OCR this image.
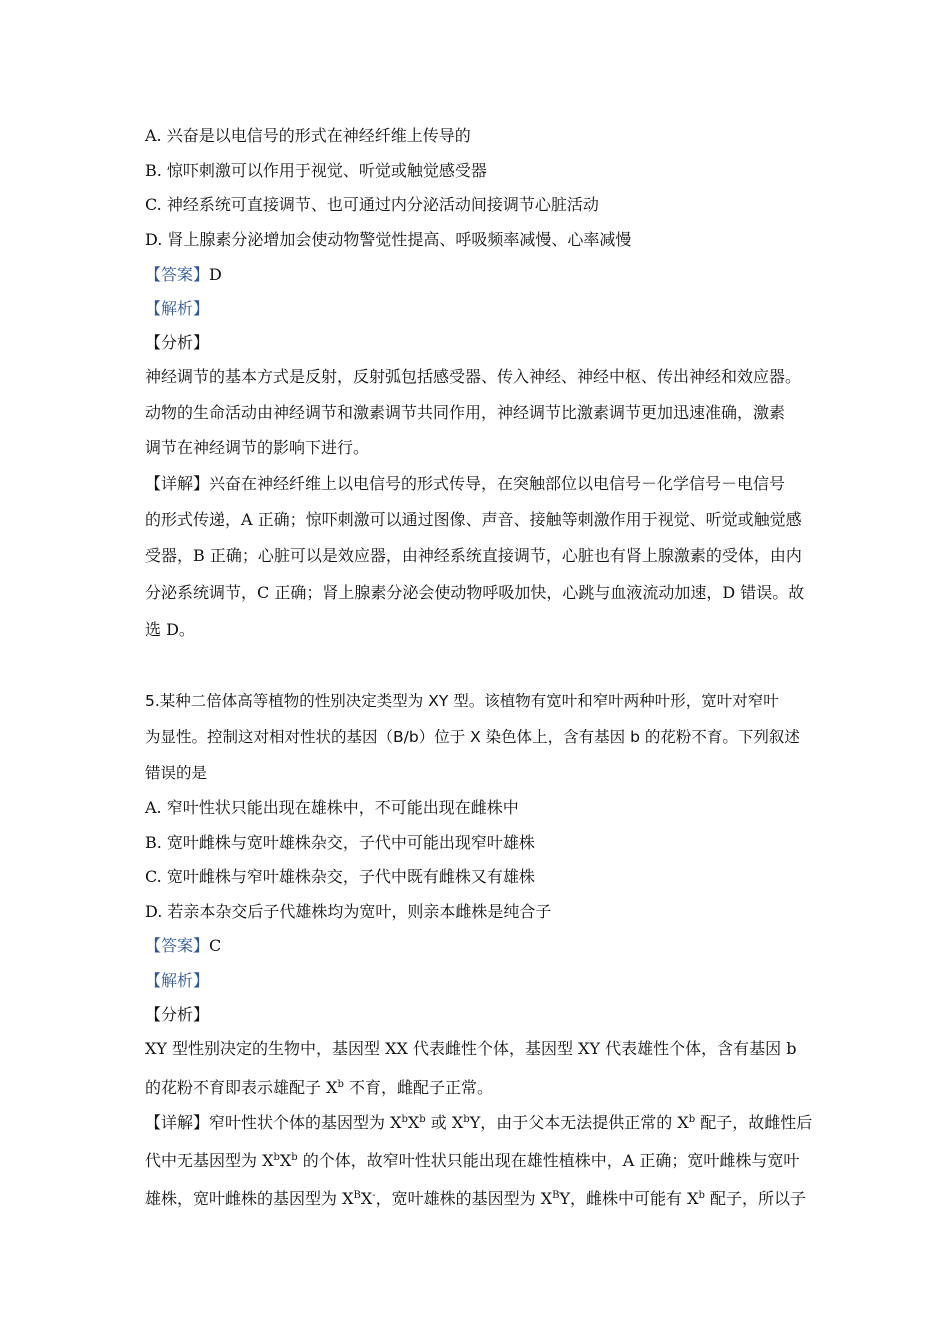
A. 兴奋是以电信号的形式在神经纤维上传导的
B. 惊吓刺激可以作用于视觉、听觉或触觉感受器
C. 神经系统可直接调节、也可通过内分泌活动间接调节心脏活动
D. 肾上腺素分泌增加会使动物警觉性提高、呼吸频率减慢、心率减慢
【答案】D
【解析】
【分析】
神经调节的基本方式是反射，反射弧包括感受器、传入神经、神经中枢、传出神经和效应器。
动物的生命活动由神经调节和激素调节共同作用，神经调节比激素调节更加迅速准确，激素
调节在神经调节的影响下进行。
【详解】兴奋在神经纤维上以电信号的形式传导，在突触部位以电信号－化学信号－电信号
的形式传递，A 正确；惊吓刺激可以通过图像、声音、接触等刺激作用于视觉、听觉或触觉感
受器，B 正确；心脏可以是效应器，由神经系统直接调节，心脏也有肾上腺激素的受体，由内
分泌系统调节，C 正确；肾上腺素分泌会使动物呼吸加快，心跳与血液流动加速，D 错误。故
选 D。
5.某种二倍体高等植物的性别决定类型为 XY 型。该植物有宽叶和窄叶两种叶形，宽叶对窄叶
为显性。控制这对相对性状的基因（B/b）位于 X 染色体上，含有基因 b 的花粉不育。下列叙述
错误的是
A. 窄叶性状只能出现在雄株中，不可能出现在雌株中
B. 宽叶雌株与宽叶雄株杂交，子代中可能出现窄叶雄株
C. 宽叶雌株与窄叶雄株杂交，子代中既有雌株又有雄株
D. 若亲本杂交后子代雄株均为宽叶，则亲本雌株是纯合子
【答案】C
【解析】
【分析】
XY 型性别决定的生物中，基因型 XX 代表雌性个体，基因型 XY 代表雄性个体，含有基因 b
的花粉不育即表示雄配子 $X^b$ 不育，雌配子正常。
【详解】窄叶性状个体的基因型为 $X^bX^b$ 或 $X^bY$，由于父本无法提供正常的 $X^b$ 配子，故雌性后
代中无基因型为 $X^bX^b$ 的个体，故窄叶性状只能出现在雄性植株中，A 正确；宽叶雌株与宽叶
雄株，宽叶雌株的基因型为 $X^BX^-$，宽叶雄株的基因型为 $X^BY$，雌株中可能有 $X^b$ 配子，所以子
